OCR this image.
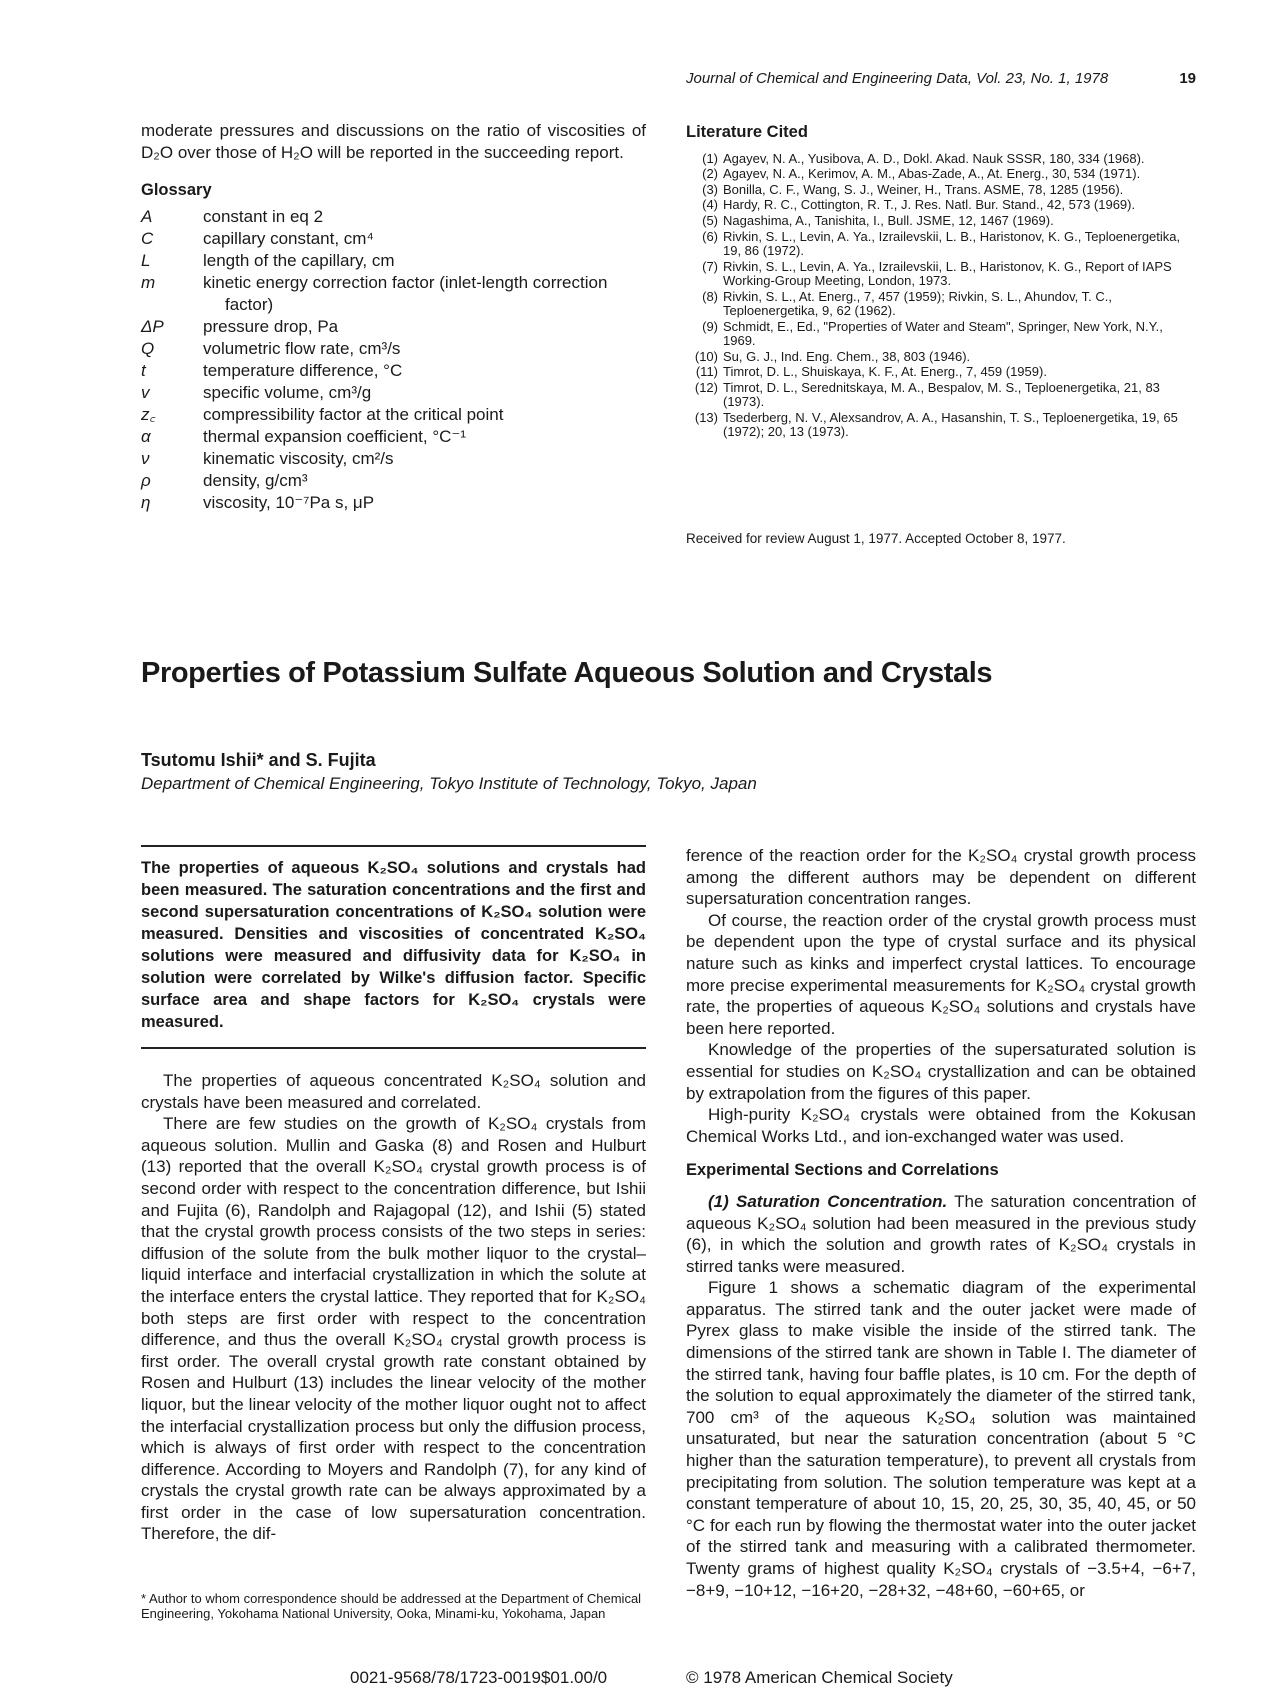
Journal of Chemical and Engineering Data, Vol. 23, No. 1, 1978	19

moderate pressures and discussions on the ratio of viscosities of D₂O over those of H₂O will be reported in the succeeding report.

Glossary
A	constant in eq 2
C	capillary constant, cm⁴
L	length of the capillary, cm
m	kinetic energy correction factor (inlet-length correction
factor)
ΔP	pressure drop, Pa
Q	volumetric flow rate, cm³/s
t	temperature difference, °C
v	specific volume, cm³/g
z꜀	compressibility factor at the critical point
α	thermal expansion coefficient, °C⁻¹
ν	kinematic viscosity, cm²/s
ρ	density, g/cm³
η	viscosity, 10⁻⁷Pa s, μP
Literature Cited
(1) Agayev, N. A., Yusibova, A. D., Dokl. Akad. Nauk SSSR, 180, 334 (1968).
(2) Agayev, N. A., Kerimov, A. M., Abas-Zade, A., At. Energ., 30, 534 (1971).
(3) Bonilla, C. F., Wang, S. J., Weiner, H., Trans. ASME, 78, 1285 (1956).
(4) Hardy, R. C., Cottington, R. T., J. Res. Natl. Bur. Stand., 42, 573 (1969).
(5) Nagashima, A., Tanishita, I., Bull. JSME, 12, 1467 (1969).
(6) Rivkin, S. L., Levin, A. Ya., Izrailevskii, L. B., Haristonov, K. G., Teploenergetika, 19, 86 (1972).
(7) Rivkin, S. L., Levin, A. Ya., Izrailevskii, L. B., Haristonov, K. G., Report of IAPS Working-Group Meeting, London, 1973.
(8) Rivkin, S. L., At. Energ., 7, 457 (1959); Rivkin, S. L., Ahundov, T. C., Teploenergetika, 9, 62 (1962).
(9) Schmidt, E., Ed., "Properties of Water and Steam", Springer, New York, N.Y., 1969.
(10) Su, G. J., Ind. Eng. Chem., 38, 803 (1946).
(11) Timrot, D. L., Shuiskaya, K. F., At. Energ., 7, 459 (1959).
(12) Timrot, D. L., Serednitskaya, M. A., Bespalov, M. S., Teploenergetika, 21, 83 (1973).
(13) Tsederberg, N. V., Alexsandrov, A. A., Hasanshin, T. S., Teploenergetika, 19, 65 (1972); 20, 13 (1973).
Received for review August 1, 1977. Accepted October 8, 1977.
Properties of Potassium Sulfate Aqueous Solution and Crystals
Tsutomu Ishii* and S. Fujita
Department of Chemical Engineering, Tokyo Institute of Technology, Tokyo, Japan

The properties of aqueous K₂SO₄ solutions and crystals had been measured. The saturation concentrations and the first and second supersaturation concentrations of K₂SO₄ solution were measured. Densities and viscosities of concentrated K₂SO₄ solutions were measured and diffusivity data for K₂SO₄ in solution were correlated by Wilke's diffusion factor. Specific surface area and shape factors for K₂SO₄ crystals were measured.

The properties of aqueous concentrated K₂SO₄ solution and crystals have been measured and correlated.

There are few studies on the growth of K₂SO₄ crystals from aqueous solution. Mullin and Gaska (8) and Rosen and Hulburt (13) reported that the overall K₂SO₄ crystal growth process is of second order with respect to the concentration difference, but Ishii and Fujita (6), Randolph and Rajagopal (12), and Ishii (5) stated that the crystal growth process consists of the two steps in series: diffusion of the solute from the bulk mother liquor to the crystal–liquid interface and interfacial crystallization in which the solute at the interface enters the crystal lattice. They reported that for K₂SO₄ both steps are first order with respect to the concentration difference, and thus the overall K₂SO₄ crystal growth process is first order. The overall crystal growth rate constant obtained by Rosen and Hulburt (13) includes the linear velocity of the mother liquor, but the linear velocity of the mother liquor ought not to affect the interfacial crystallization process but only the diffusion process, which is always of first order with respect to the concentration difference. According to Moyers and Randolph (7), for any kind of crystals the crystal growth rate can be always approximated by a first order in the case of low supersaturation concentration. Therefore, the dif-

ference of the reaction order for the K₂SO₄ crystal growth process among the different authors may be dependent on different supersaturation concentration ranges.

Of course, the reaction order of the crystal growth process must be dependent upon the type of crystal surface and its physical nature such as kinks and imperfect crystal lattices. To encourage more precise experimental measurements for K₂SO₄ crystal growth rate, the properties of aqueous K₂SO₄ solutions and crystals have been here reported.

Knowledge of the properties of the supersaturated solution is essential for studies on K₂SO₄ crystallization and can be obtained by extrapolation from the figures of this paper.

High-purity K₂SO₄ crystals were obtained from the Kokusan Chemical Works Ltd., and ion-exchanged water was used.

Experimental Sections and Correlations

(1) Saturation Concentration. The saturation concentration of aqueous K₂SO₄ solution had been measured in the previous study (6), in which the solution and growth rates of K₂SO₄ crystals in stirred tanks were measured.

Figure 1 shows a schematic diagram of the experimental apparatus. The stirred tank and the outer jacket were made of Pyrex glass to make visible the inside of the stirred tank. The dimensions of the stirred tank are shown in Table I. The diameter of the stirred tank, having four baffle plates, is 10 cm. For the depth of the solution to equal approximately the diameter of the stirred tank, 700 cm³ of the aqueous K₂SO₄ solution was maintained unsaturated, but near the saturation concentration (about 5 °C higher than the saturation temperature), to prevent all crystals from precipitating from solution. The solution temperature was kept at a constant temperature of about 10, 15, 20, 25, 30, 35, 40, 45, or 50 °C for each run by flowing the thermostat water into the outer jacket of the stirred tank and measuring with a calibrated thermometer. Twenty grams of highest quality K₂SO₄ crystals of −3.5+4, −6+7, −8+9, −10+12, −16+20, −28+32, −48+60, −60+65, or

* Author to whom correspondence should be addressed at the Department of Chemical Engineering, Yokohama National University, Ooka, Minami-ku, Yokohama, Japan
0021-9568/78/1723-0019$01.00/0	© 1978 American Chemical Society
